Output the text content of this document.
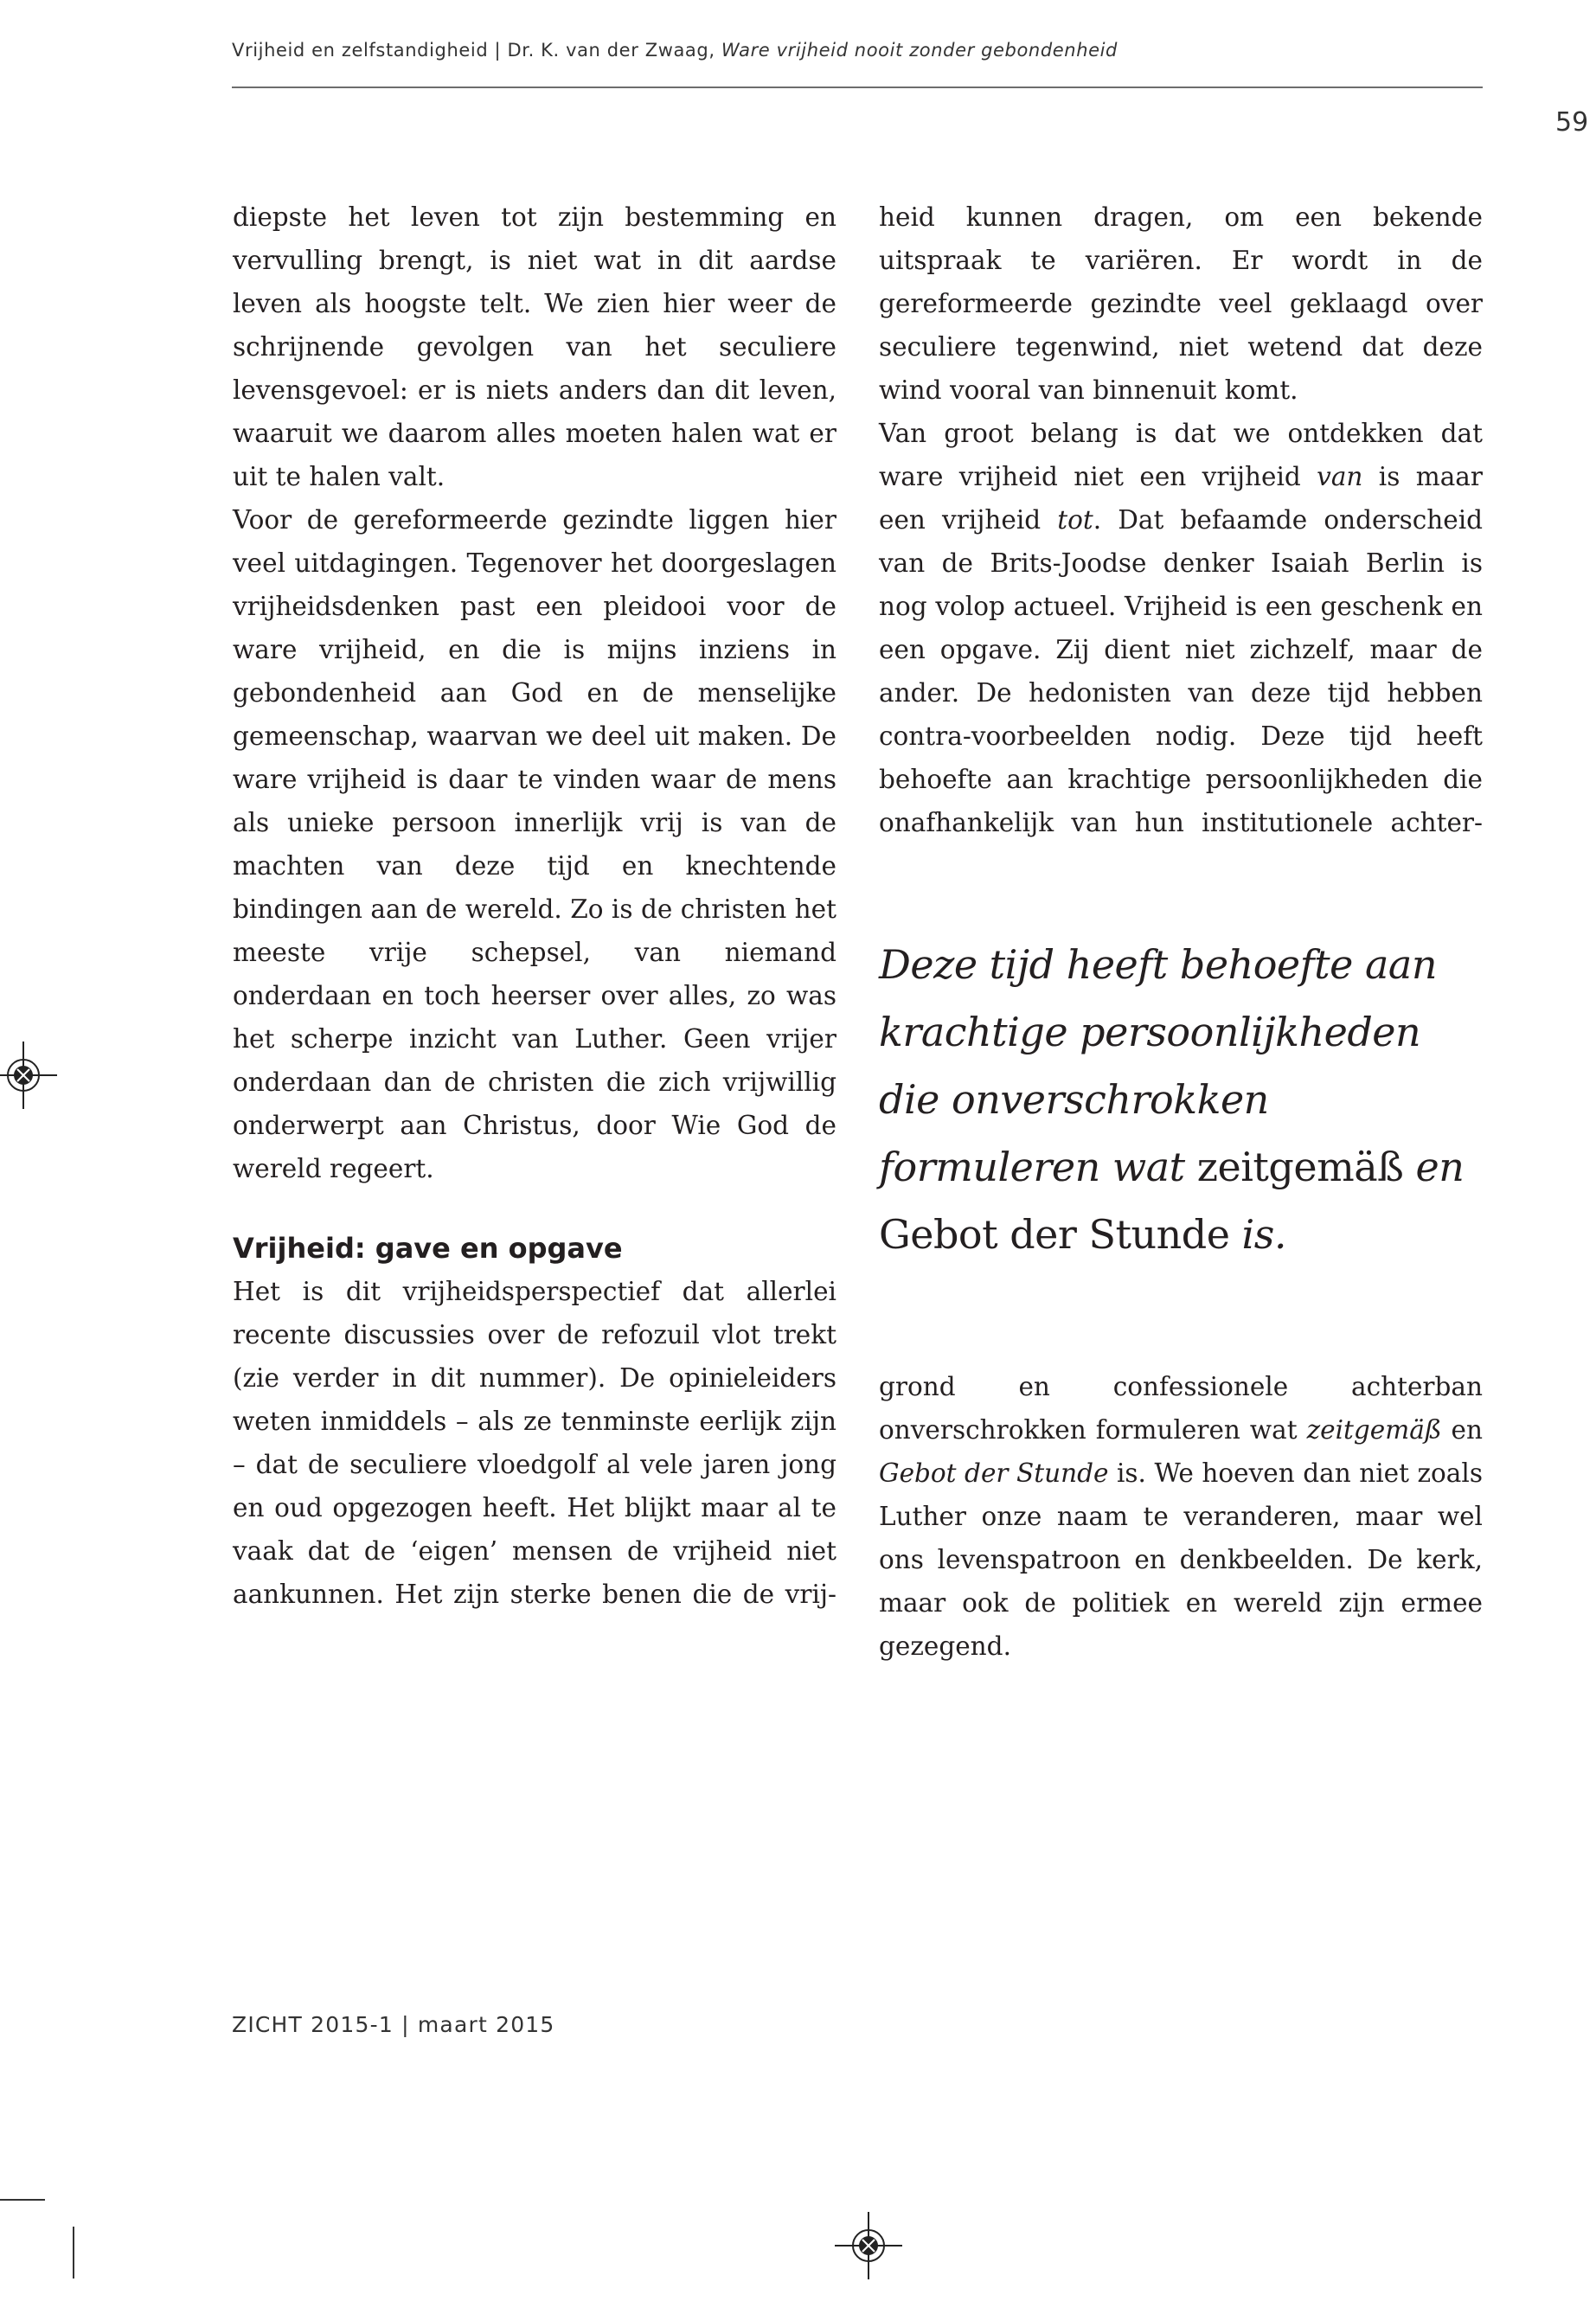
Vrijheid en zelfstandigheid | Dr. K. van der Zwaag, Ware vrijheid nooit zonder gebondenheid
59

diepste het leven tot zijn bestemming en vervulling brengt, is niet wat in dit aardse leven als hoogste telt. We zien hier weer de schrijnende gevolgen van het seculiere levensgevoel: er is niets anders dan dit leven, waaruit we daarom alles moeten halen wat er uit te halen valt.

Voor de gereformeerde gezindte liggen hier veel uitdagingen. Tegenover het doorgeslagen vrijheidsdenken past een pleidooi voor de ware vrijheid, en die is mijns inziens in gebondenheid aan God en de menselijke gemeenschap, waarvan we deel uit maken. De ware vrijheid is daar te vinden waar de mens als unieke persoon innerlijk vrij is van de machten van deze tijd en knechtende bindingen aan de wereld. Zo is de christen het meeste vrije schepsel, van niemand onderdaan en toch heerser over alles, zo was het scherpe inzicht van Luther. Geen vrijer onderdaan dan de christen die zich vrijwillig onderwerpt aan Christus, door Wie God de wereld regeert.

Vrijheid: gave en opgave

Het is dit vrijheidsperspectief dat allerlei recente discussies over de refozuil vlot trekt (zie verder in dit nummer). De opinieleiders weten inmiddels – als ze tenminste eerlijk zijn – dat de seculiere vloedgolf al vele jaren jong en oud opgezogen heeft. Het blijkt maar al te vaak dat de ‘eigen’ mensen de vrijheid niet aankunnen. Het zijn sterke benen die de vrij-

heid kunnen dragen, om een bekende uitspraak te variëren. Er wordt in de gereformeerde gezindte veel geklaagd over seculiere tegenwind, niet wetend dat deze wind vooral van binnenuit komt.

Van groot belang is dat we ontdekken dat ware vrijheid niet een vrijheid van is maar een vrijheid tot. Dat befaamde onderscheid van de Brits-Joodse denker Isaiah Berlin is nog volop actueel. Vrijheid is een geschenk en een opgave. Zij dient niet zichzelf, maar de ander. De hedonisten van deze tijd hebben contra-voorbeelden nodig. Deze tijd heeft behoefte aan krachtige persoonlijkheden die onafhankelijk van hun institutionele achter-

Deze tijd heeft behoefte aan krachtige persoonlijkheden die onverschrokken formuleren wat zeitgemäß en Gebot der Stunde is.

grond en confessionele achterban onverschrokken formuleren wat zeitgemäß en Gebot der Stunde is. We hoeven dan niet zoals Luther onze naam te veranderen, maar wel ons levenspatroon en denkbeelden. De kerk, maar ook de politiek en wereld zijn ermee gezegend.

ZICHT 2015-1 | maart 2015
